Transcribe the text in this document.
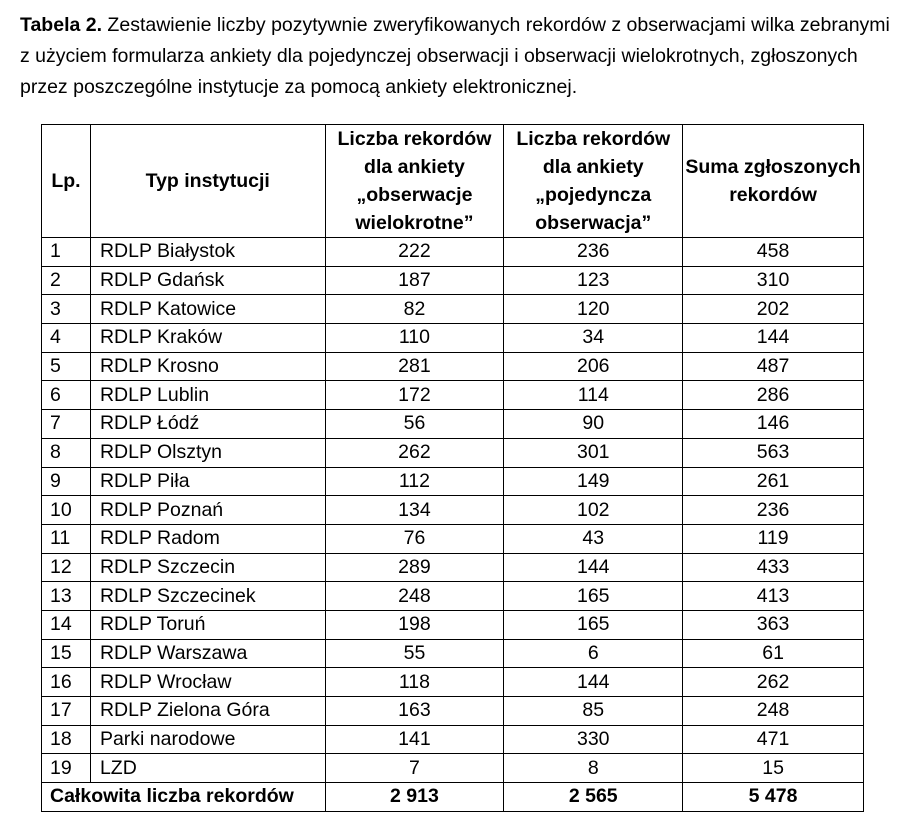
Tabela 2. Zestawienie liczby pozytywnie zweryfikowanych rekordów z obserwacjami wilka zebranymi z użyciem formularza ankiety dla pojedynczej obserwacji i obserwacji wielokrotnych, zgłoszonych przez poszczególne instytucje za pomocą ankiety elektronicznej.
Lp.	Typ instytucji	Liczba rekordów dla ankiety „obserwacje wielokrotne”	Liczba rekordów dla ankiety „pojedyncza obserwacja”	Suma zgłoszonych rekordów
1	RDLP Białystok	222	236	458
2	RDLP Gdańsk	187	123	310
3	RDLP Katowice	82	120	202
4	RDLP Kraków	110	34	144
5	RDLP Krosno	281	206	487
6	RDLP Lublin	172	114	286
7	RDLP Łódź	56	90	146
8	RDLP Olsztyn	262	301	563
9	RDLP Piła	112	149	261
10	RDLP Poznań	134	102	236
11	RDLP Radom	76	43	119
12	RDLP Szczecin	289	144	433
13	RDLP Szczecinek	248	165	413
14	RDLP Toruń	198	165	363
15	RDLP Warszawa	55	6	61
16	RDLP Wrocław	118	144	262
17	RDLP Zielona Góra	163	85	248
18	Parki narodowe	141	330	471
19	LZD	7	8	15
Całkowita liczba rekordów		2 913	2 565	5 478
